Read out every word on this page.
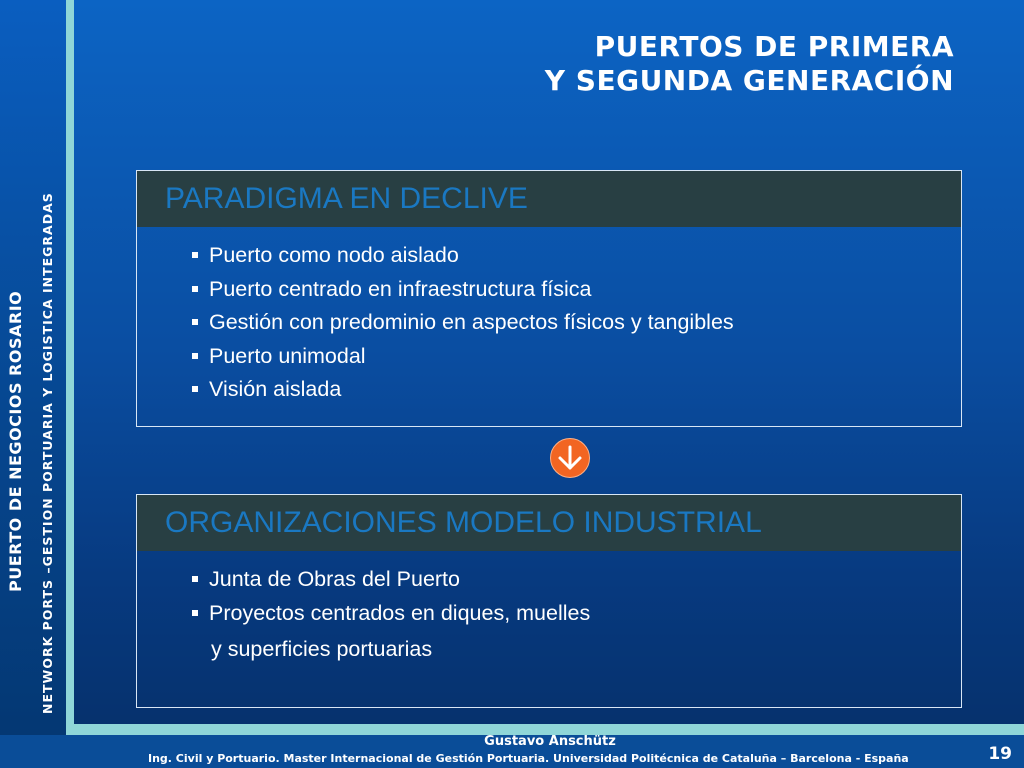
PUERTO DE NEGOCIOS ROSARIO NETWORK PORTS –GESTION PORTUARIA Y LOGISTICA INTEGRADAS
PUERTOS DE PRIMERA
Y SEGUNDA GENERACIÓN
PARADIGMA EN DECLIVE
Puerto como nodo aislado
Puerto centrado en infraestructura física
Gestión con predominio en aspectos físicos y tangibles
Puerto unimodal
Visión aislada
ORGANIZACIONES MODELO INDUSTRIAL
Junta de Obras del Puerto
Proyectos centrados en diques, muelles
y superficies portuarias
Gustavo Anschütz
Ing. Civil y Portuario. Master Internacional de Gestión Portuaria. Universidad Politécnica de Cataluña – Barcelona - España	19
